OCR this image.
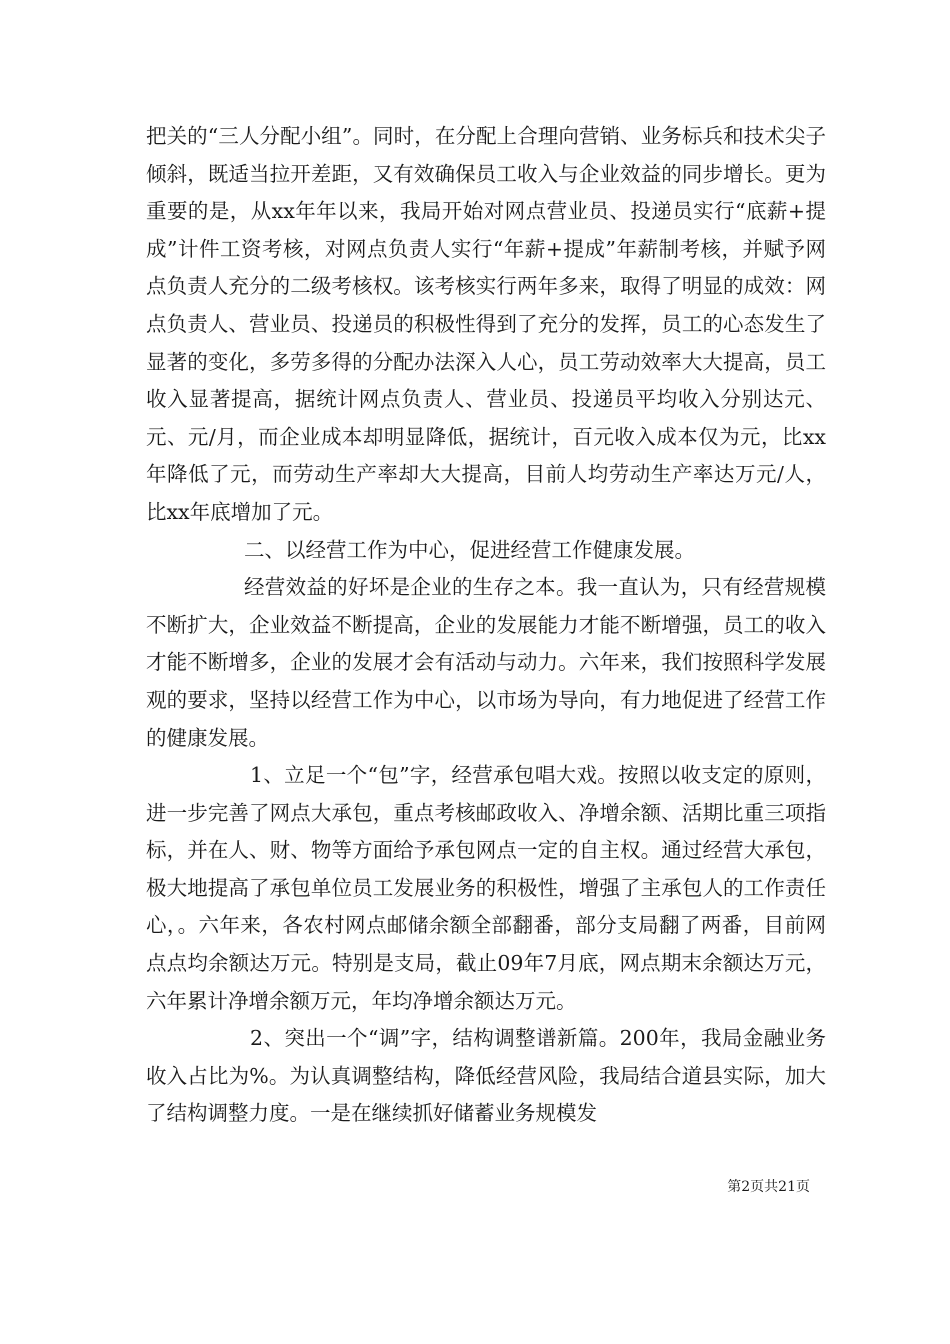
把关的“三人分配小组”。同时，在分配上合理向营销、业务标兵和技术尖子倾斜，既适当拉开差距，又有效确保员工收入与企业效益的同步增长。更为重要的是，从xx年年以来，我局开始对网点营业员、投递员实行“底薪+提成”计件工资考核，对网点负责人实行“年薪+提成”年薪制考核，并赋予网点负责人充分的二级考核权。该考核实行两年多来，取得了明显的成效：网点负责人、营业员、投递员的积极性得到了充分的发挥，员工的心态发生了显著的变化，多劳多得的分配办法深入人心，员工劳动效率大大提高，员工收入显著提高，据统计网点负责人、营业员、投递员平均收入分别达元、元、元/月，而企业成本却明显降低，据统计，百元收入成本仅为元，比xx年降低了元，而劳动生产率却大大提高，目前人均劳动生产率达万元/人，比xx年底增加了元。

二、以经营工作为中心，促进经营工作健康发展。

经营效益的好坏是企业的生存之本。我一直认为，只有经营规模不断扩大，企业效益不断提高，企业的发展能力才能不断增强，员工的收入才能不断增多，企业的发展才会有活动与动力。六年来，我们按照科学发展观的要求，坚持以经营工作为中心，以市场为导向，有力地促进了经营工作的健康发展。

1、立足一个“包”字，经营承包唱大戏。按照以收支定的原则，进一步完善了网点大承包，重点考核邮政收入、净增余额、活期比重三项指标，并在人、财、物等方面给予承包网点一定的自主权。通过经营大承包，极大地提高了承包单位员工发展业务的积极性，增强了主承包人的工作责任心，。六年来，各农村网点邮储余额全部翻番，部分支局翻了两番，目前网点点均余额达万元。特别是支局，截止09年7月底，网点期末余额达万元，六年累计净增余额万元，年均净增余额达万元。

2、突出一个“调”字，结构调整谱新篇。200年，我局金融业务收入占比为%。为认真调整结构，降低经营风险，我局结合道县实际，加大了结构调整力度。一是在继续抓好储蓄业务规模发

第2页共21页
